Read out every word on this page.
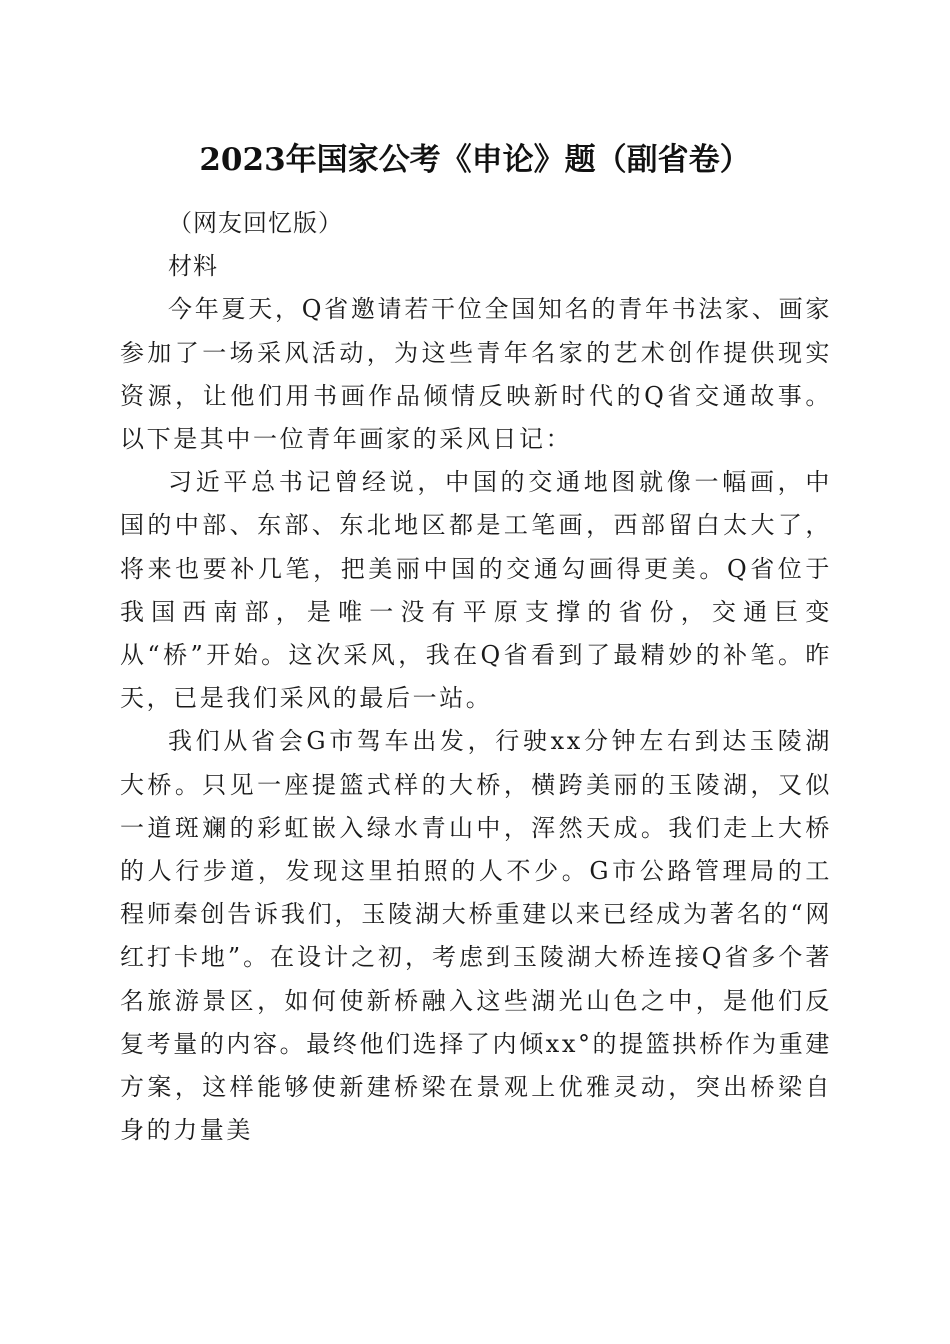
2023年国家公考《申论》题（副省卷）

（网友回忆版）

材料

今年夏天，Q省邀请若干位全国知名的青年书法家、画家参加了一场采风活动，为这些青年名家的艺术创作提供现实资源，让他们用书画作品倾情反映新时代的Q省交通故事。以下是其中一位青年画家的采风日记：

习近平总书记曾经说，中国的交通地图就像一幅画，中国的中部、东部、东北地区都是工笔画，西部留白太大了，将来也要补几笔，把美丽中国的交通勾画得更美。Q省位于我国西南部，是唯一没有平原支撑的省份，交通巨变从“桥”开始。这次采风，我在Q省看到了最精妙的补笔。昨天，已是我们采风的最后一站。

我们从省会G市驾车出发，行驶xx分钟左右到达玉陵湖大桥。只见一座提篮式样的大桥，横跨美丽的玉陵湖，又似一道斑斓的彩虹嵌入绿水青山中，浑然天成。我们走上大桥的人行步道，发现这里拍照的人不少。G市公路管理局的工程师秦创告诉我们，玉陵湖大桥重建以来已经成为著名的“网红打卡地”。在设计之初，考虑到玉陵湖大桥连接Q省多个著名旅游景区，如何使新桥融入这些湖光山色之中，是他们反复考量的内容。最终他们选择了内倾xx°的提篮拱桥作为重建方案，这样能够使新建桥梁在景观上优雅灵动，突出桥梁自身的力量美
